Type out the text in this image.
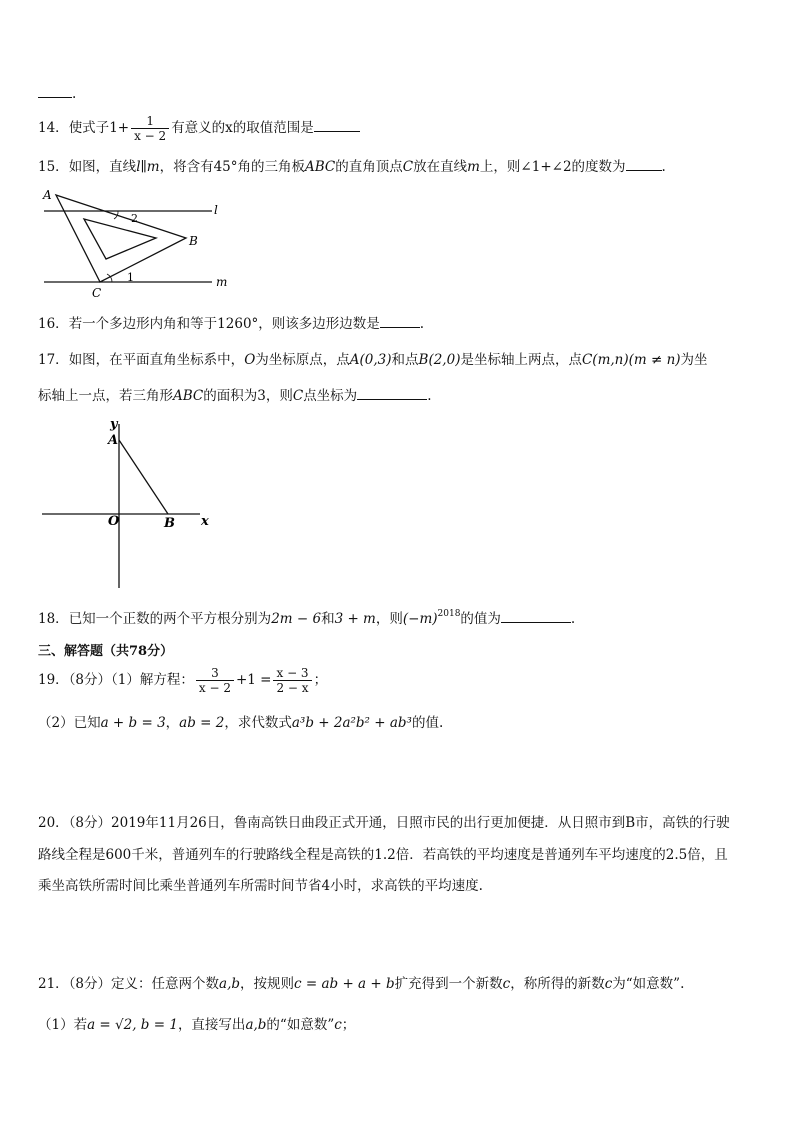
.
14．使式子$1+ \frac{1}{x - 2}$ 有意义的x的取值范围是
15．如图，直线l∥m，将含有45°角的三角板ABC的直角顶点C放在直线m上，则∠1+∠2的度数为	.
A
B
C
l
m
2
1
16．若一个多边形内角和等于1260°，则该多边形边数是	.
17．如图，在平面直角坐标系中，O为坐标原点，点A(0,3)和点B(2,0)是坐标轴上两点，点C(m,n)(m ≠ n)为坐
标轴上一点，若三角形ABC的面积为3，则C点坐标为	.
y
A
O	B x
18．已知一个正数的两个平方根分别为2m − 6和3 + m，则$(-m)^{2018}$的值为	.
三、解答题（共78分）
19．（8分）（1）解方程： $\frac{3}{x - 2} +1 = \frac{x - 3}{2 - x}$ ；
（2）已知a + b = 3，ab = 2，求代数式a³b + 2a²b² + ab³的值.
20．（8分）2019年11月26日，鲁南高铁日曲段正式开通，日照市民的出行更加便捷．从日照市到B市，高铁的行驶
路线全程是600千米，普通列车的行驶路线全程是高铁的1.2倍．若高铁的平均速度是普通列车平均速度的2.5倍，且
乘坐高铁所需时间比乘坐普通列车所需时间节省4小时，求高铁的平均速度.
21．（8分）定义：任意两个数a,b，按规则c = ab + a + b扩充得到一个新数c，称所得的新数c为“如意数”.
（1）若a = √2, b = 1，直接写出a,b的“如意数”c；
